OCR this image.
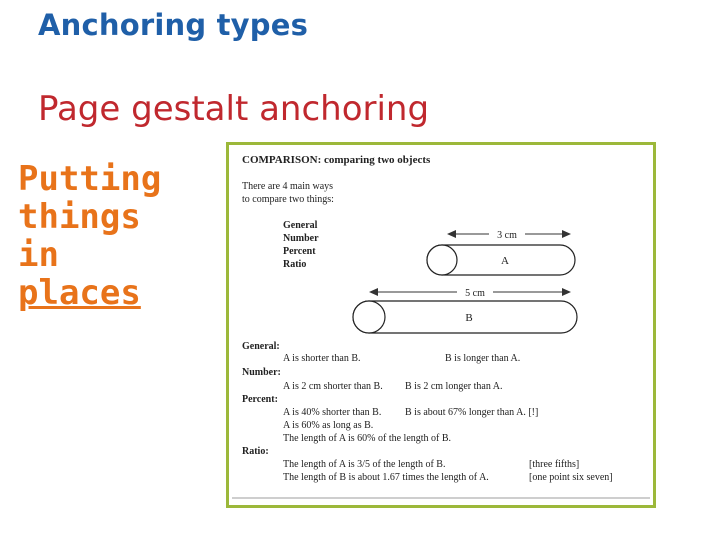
Anchoring types
Page gestalt anchoring
Putting
things
in
places
COMPARISON: comparing two objects
There are 4 main ways
to compare two things:
General
Number
Percent
Ratio
3 cm
A
5 cm
B
General:
A is shorter than B.	B is longer than A.
Number:
A is 2 cm shorter than B. B is 2 cm longer than A.
Percent:
A is 40% shorter than B. B is about 67% longer than A. [!]
A is 60% as long as B.
The length of A is 60% of the length of B.
Ratio:
The length of A is 3/5 of the length of B.	[three fifths]
The length of B is about 1.67 times the length of A.	[one point six seven]
